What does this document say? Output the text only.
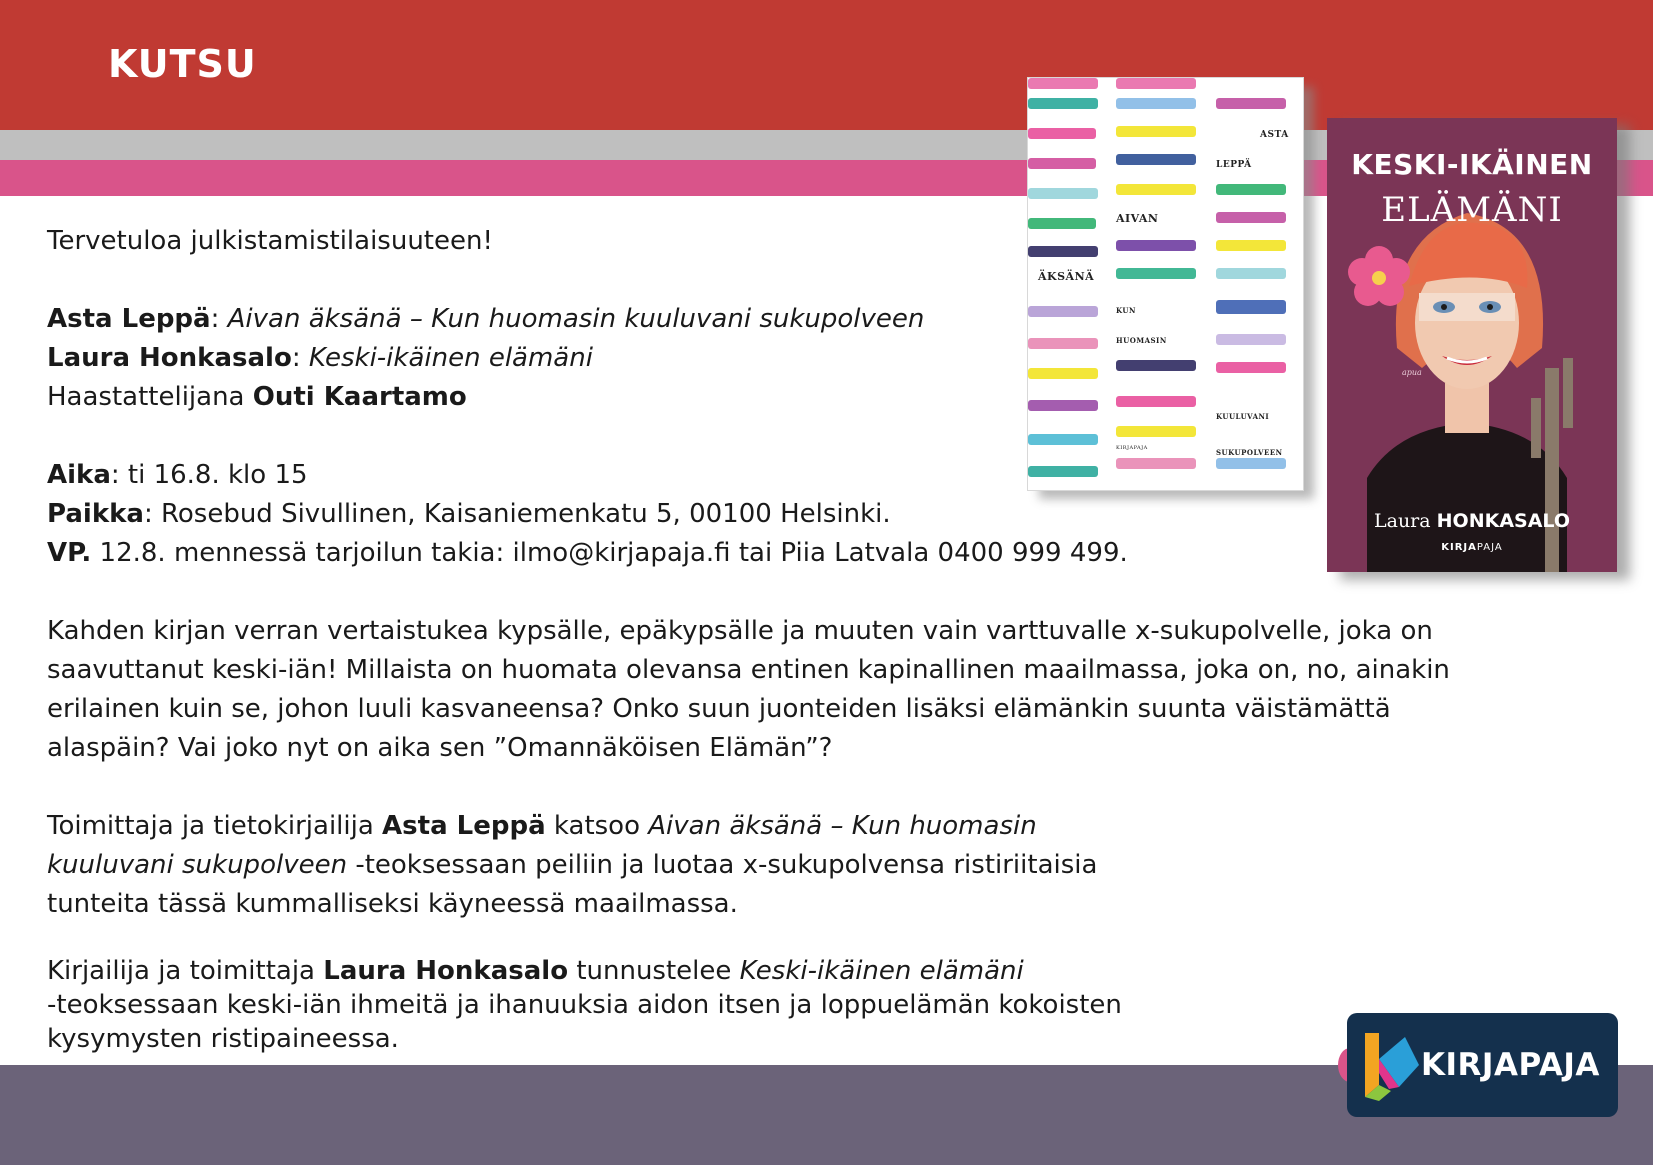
KUTSU

Tervetuloa julkistamistilaisuuteen!

Asta Leppä: Aivan äksänä – Kun huomasin kuuluvani sukupolveen

Laura Honkasalo: Keski-ikäinen elämäni

Haastattelijana Outi Kaartamo

Aika: ti 16.8. klo 15

Paikka: Rosebud Sivullinen, Kaisaniemenkatu 5, 00100 Helsinki.

VP. 12.8. mennessä tarjoilun takia: ilmo@kirjapaja.fi tai Piia Latvala 0400 999 499.

Kahden kirjan verran vertaistukea kypsälle, epäkypsälle ja muuten vain varttuvalle x-sukupolvelle, joka on saavuttanut keski-iän! Millaista on huomata olevansa entinen kapinallinen maailmassa, joka on, no, ainakin erilainen kuin se, johon luuli kasvaneensa? Onko suun juonteiden lisäksi elämänkin suunta väistämättä alaspäin? Vai joko nyt on aika sen ”Omannäköisen Elämän”?

Toimittaja ja tietokirjailija Asta Leppä katsoo Aivan äksänä – Kun huomasin

kuuluvani sukupolveen -teoksessaan peiliin ja luotaa x-sukupolvensa ristiriitaisia

tunteita tässä kummalliseksi käyneessä maailmassa.

Kirjailija ja toimittaja Laura Honkasalo tunnustelee Keski-ikäinen elämäni

-teoksessaan keski-iän ihmeitä ja ihanuuksia aidon itsen ja loppuelämän kokoisten

kysymysten ristipaineessa.

ASTA
LEPPÄ
AIVAN
ÄKSÄNÄ
KUN
HUOMASIN
KUULUVANI
SUKUPOLVEEN
KIRJAPAJA
KESKI-IKÄINEN
ELÄMÄNI
apua
Laura HONKASALO
KIRJAPAJA
KIRJAPAJA
